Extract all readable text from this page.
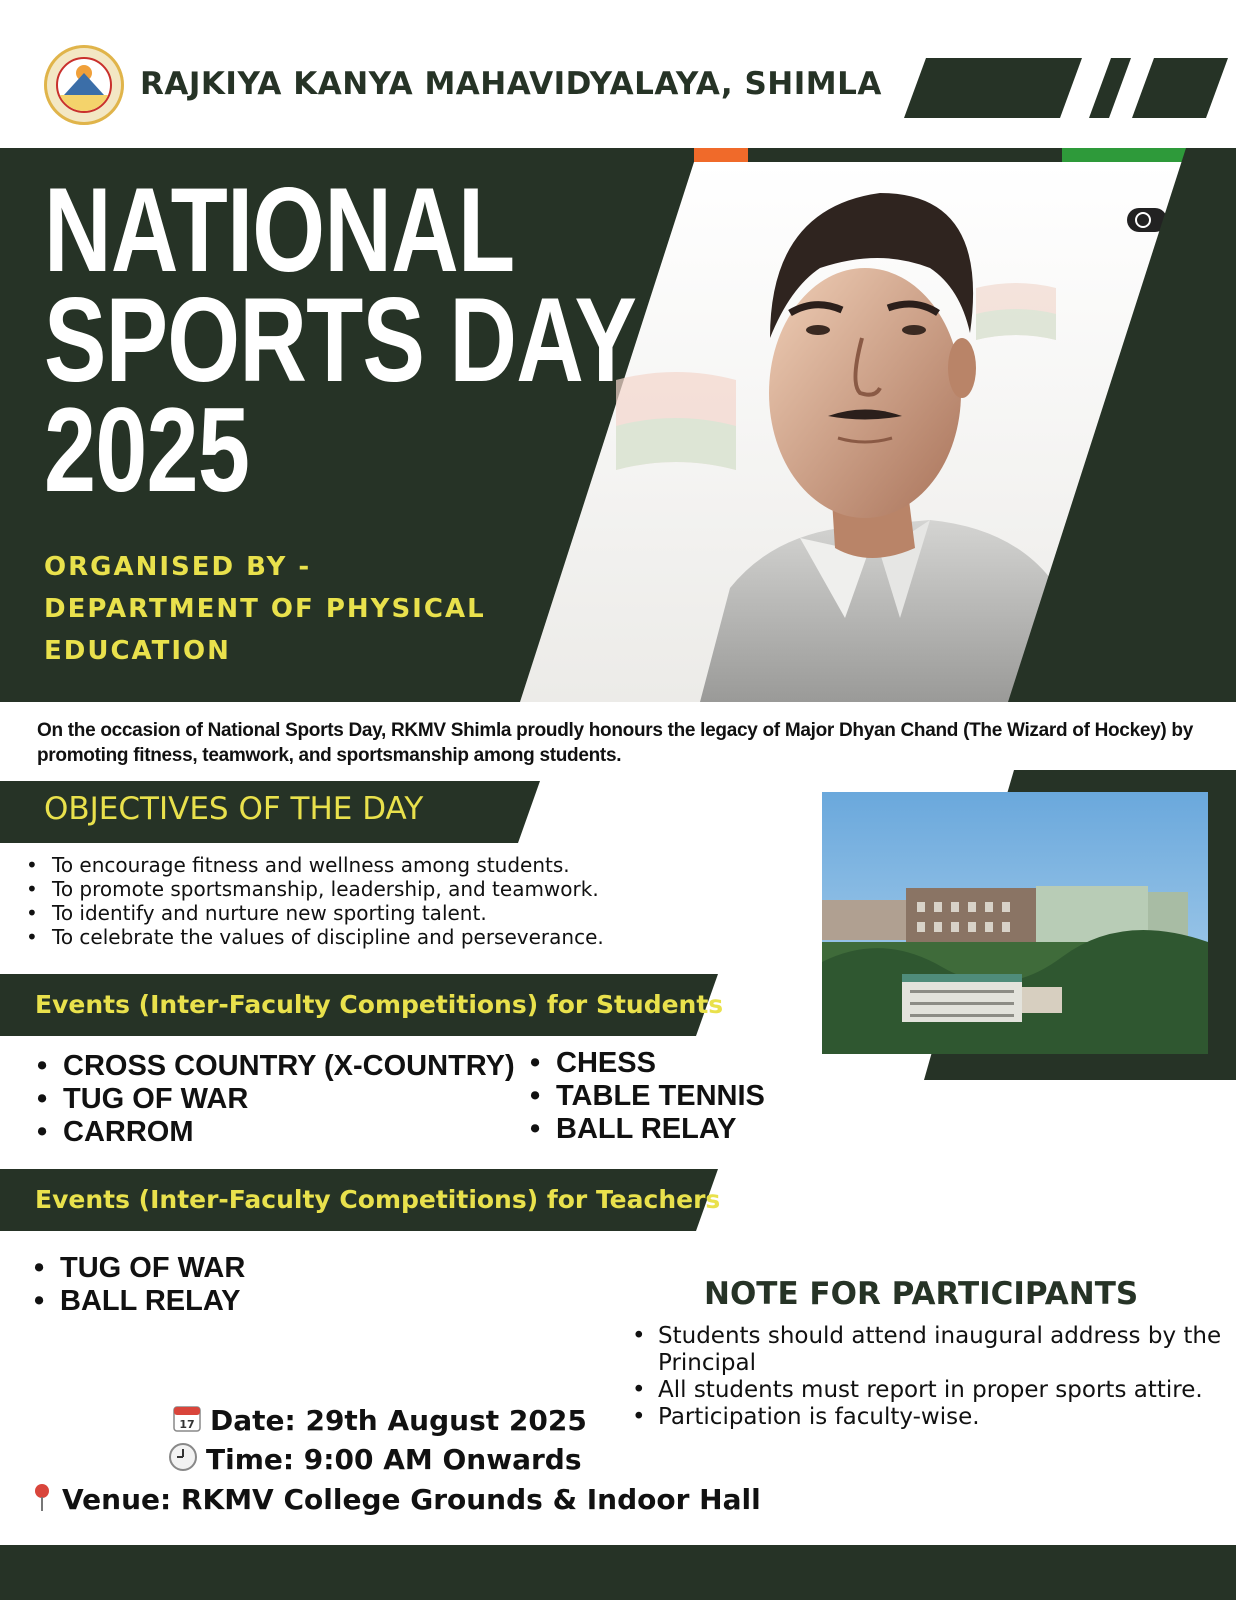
RAJKIYA KANYA MAHAVIDYALAYA, SHIMLA
NATIONAL
SPORTS DAY
2025
ORGANISED BY -
DEPARTMENT OF PHYSICAL
EDUCATION
On the occasion of National Sports Day, RKMV Shimla proudly honours the legacy of Major Dhyan Chand (The Wizard of Hockey) by promoting fitness, teamwork, and sportsmanship among students.
OBJECTIVES OF THE DAY
• To encourage fitness and wellness among students.
• To promote sportsmanship, leadership, and teamwork.
• To identify and nurture new sporting talent.
• To celebrate the values of discipline and perseverance.
Events (Inter-Faculty Competitions) for Students
• CROSS COUNTRY (X-COUNTRY)
• TUG OF WAR
• CARROM
• CHESS
• TABLE TENNIS
• BALL RELAY
Events (Inter-Faculty Competitions) for Teachers
• TUG OF WAR
• BALL RELAY	NOTE FOR PARTICIPANTS
• Students should attend inaugural address by the Principal
• All students must report in proper sports attire.
• Participation is faculty-wise.
17 Date: 29th August 2025
Time: 9:00 AM Onwards
Venue: RKMV College Grounds & Indoor Hall
